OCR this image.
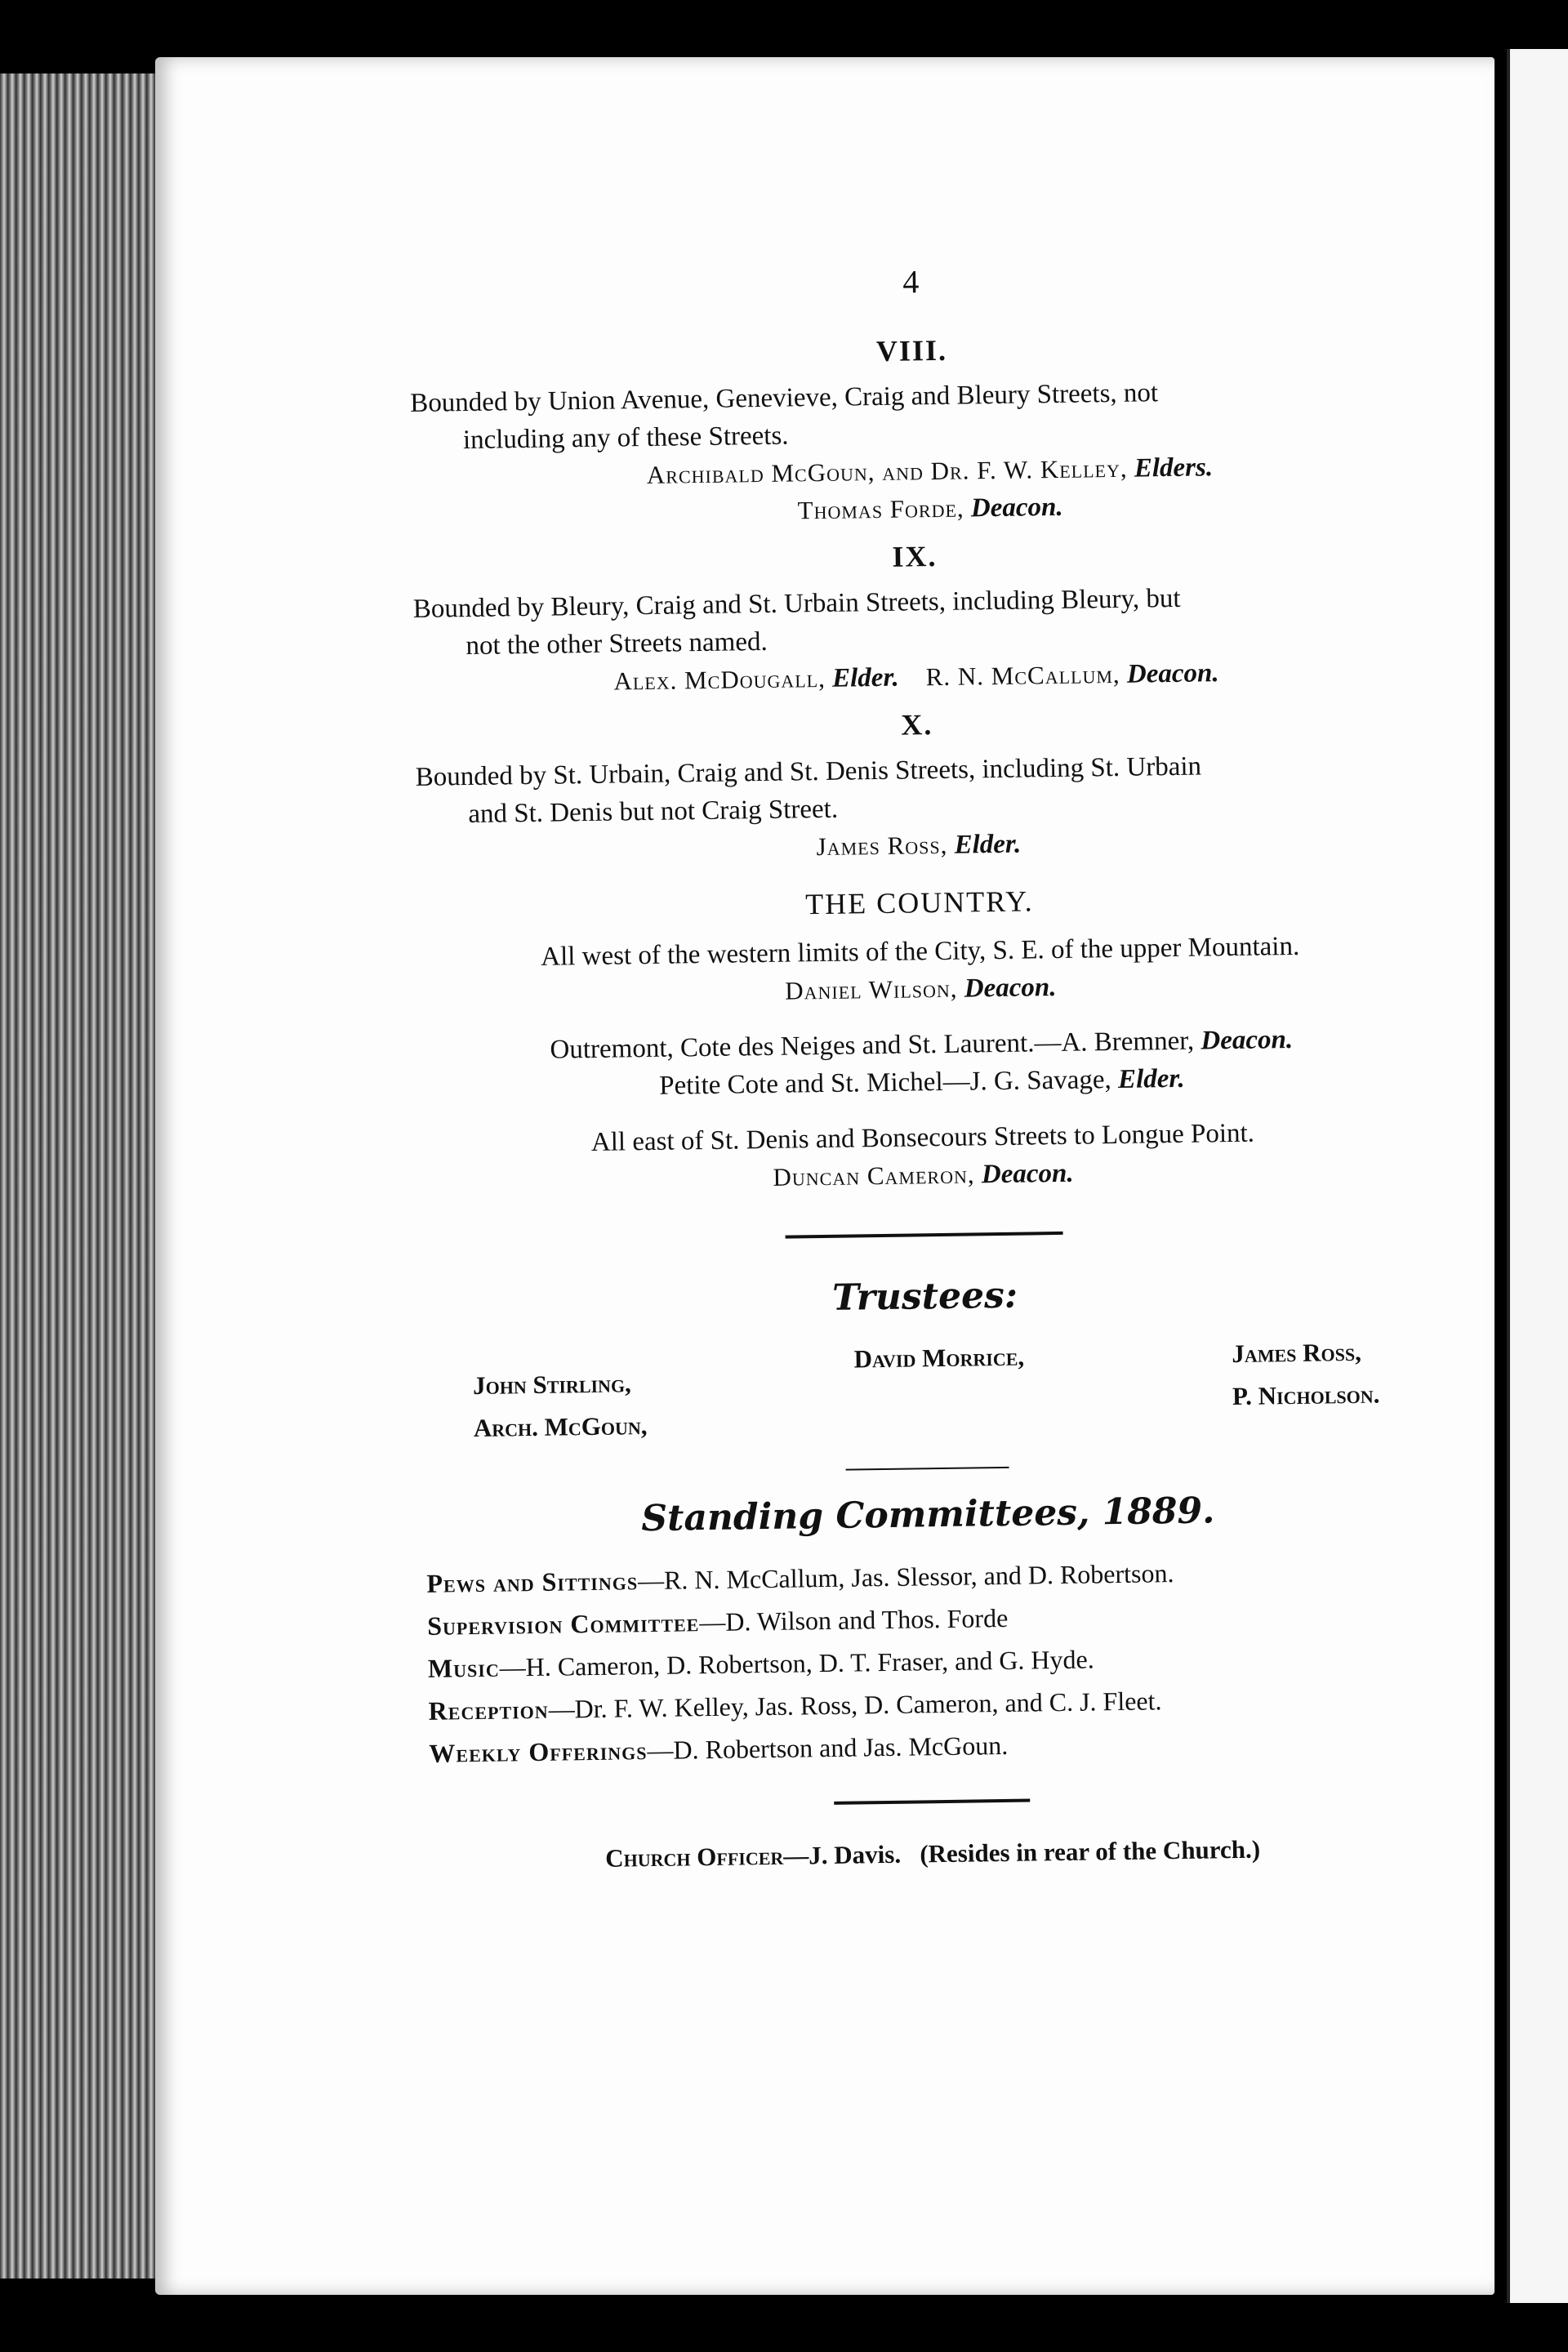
4
VIII.
Bounded by Union Avenue, Genevieve, Craig and Bleury Streets, not
including any of these Streets.
Archibald McGoun, and Dr. F. W. Kelley, Elders.
Thomas Forde, Deacon.
IX.
Bounded by Bleury, Craig and St. Urbain Streets, including Bleury, but
not the other Streets named.
Alex. McDougall, Elder. R. N. McCallum, Deacon.
X.
Bounded by St. Urbain, Craig and St. Denis Streets, including St. Urbain
and St. Denis but not Craig Street.
James Ross, Elder.
THE COUNTRY.
All west of the western limits of the City, S. E. of the upper Mountain.
Daniel Wilson, Deacon.
Outremont, Cote des Neiges and St. Laurent.—A. Bremner, Deacon.
Petite Cote and St. Michel—J. G. Savage, Elder.
All east of St. Denis and Bonsecours Streets to Longue Point.
Duncan Cameron, Deacon.
Trustees:
John Stirling,
Arch. McGoun,
David Morrice,	James Ross,
P. Nicholson.
Standing Committees, 1889.
Pews and Sittings—R. N. McCallum, Jas. Slessor, and D. Robertson.
Supervision Committee—D. Wilson and Thos. Forde
Music—H. Cameron, D. Robertson, D. T. Fraser, and G. Hyde.
Reception—Dr. F. W. Kelley, Jas. Ross, D. Cameron, and C. J. Fleet.
Weekly Offerings—D. Robertson and Jas. McGoun.
Church Officer—J. Davis. (Resides in rear of the Church.)
